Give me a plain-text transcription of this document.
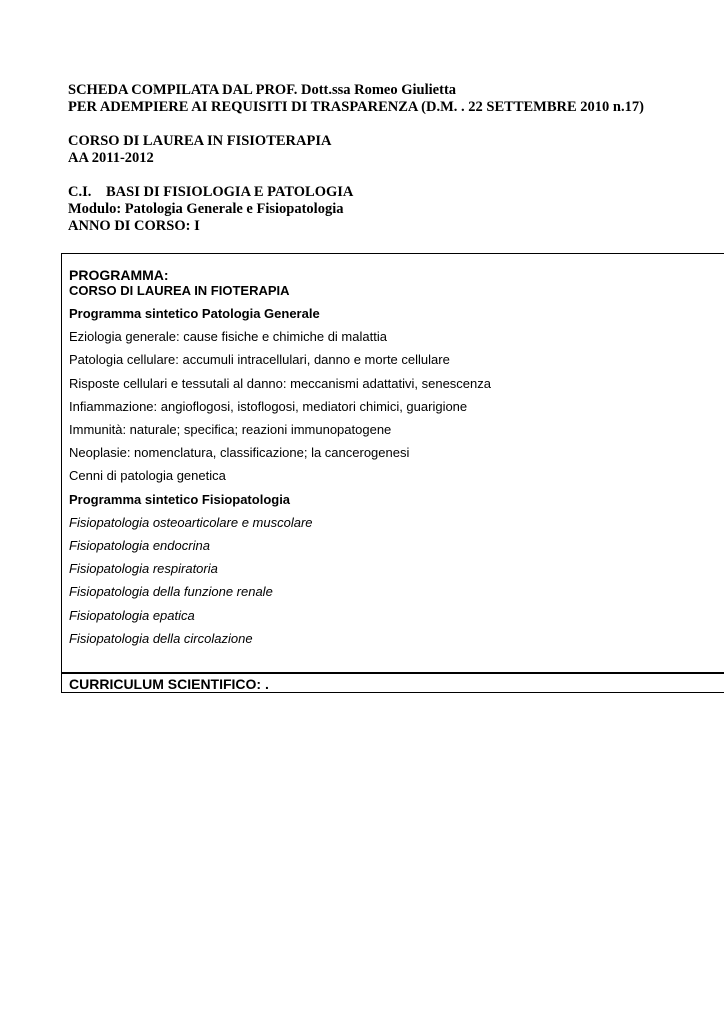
SCHEDA COMPILATA DAL PROF. Dott.ssa Romeo Giulietta
PER ADEMPIERE AI REQUISITI DI TRASPARENZA (D.M. . 22 SETTEMBRE 2010 n.17)
CORSO DI LAUREA IN FISIOTERAPIA
AA 2011-2012
C.I. BASI DI FISIOLOGIA E PATOLOGIA
Modulo: Patologia Generale e Fisiopatologia
ANNO DI CORSO: I
PROGRAMMA:
CORSO DI LAUREA IN FIOTERAPIA
Programma sintetico Patologia Generale
Eziologia generale: cause fisiche e chimiche di malattia
Patologia cellulare: accumuli intracellulari, danno e morte cellulare
Risposte cellulari e tessutali al danno: meccanismi adattativi, senescenza
Infiammazione: angioflogosi, istoflogosi, mediatori chimici, guarigione
Immunità: naturale; specifica; reazioni immunopatogene
Neoplasie: nomenclatura, classificazione; la cancerogenesi
Cenni di patologia genetica
Programma sintetico Fisiopatologia
Fisiopatologia osteoarticolare e muscolare
Fisiopatologia endocrina
Fisiopatologia respiratoria
Fisiopatologia della funzione renale
Fisiopatologia epatica
Fisiopatologia della circolazione
CURRICULUM SCIENTIFICO: .
